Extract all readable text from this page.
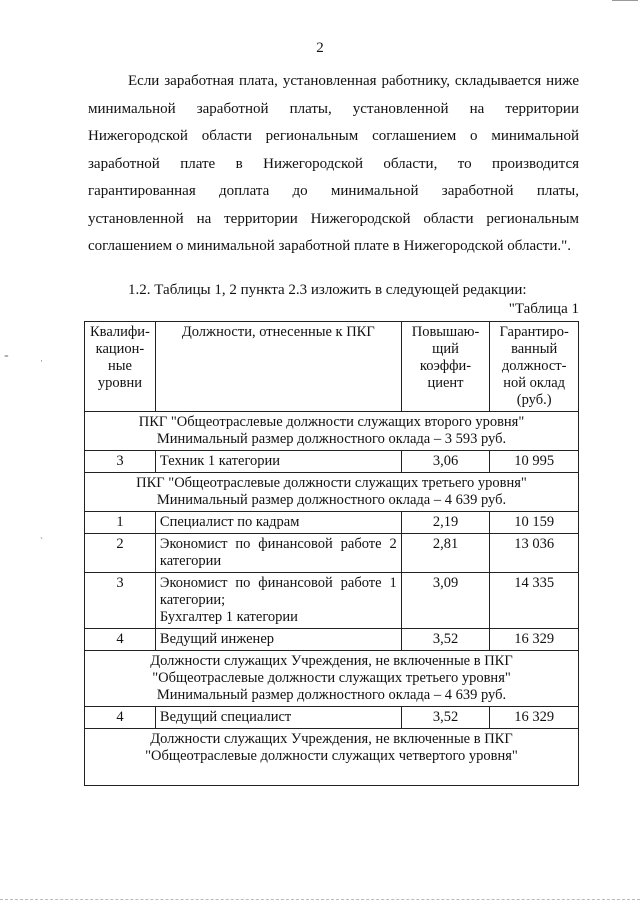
2
Если заработная плата, установленная работнику, складывается ниже минимальной заработной платы, установленной на территории Нижегородской области региональным соглашением о минимальной заработной плате в Нижегородской области, то производится гарантированная доплата до минимальной заработной платы, установленной на территории Нижегородской области региональным соглашением о минимальной заработной плате в Нижегородской области.".
1.2. Таблицы 1, 2 пункта 2.3 изложить в следующей редакции:
"Таблица 1
Квалифи-кацион-ные уровни	Должности, отнесенные к ПКГ	Повышаю-щий коэффи-циент	Гарантиро-ванный должност-ной оклад (руб.)

ПКГ "Общеотраслевые должности служащих второго уровня"
Минимальный размер должностного оклада – 3 593 руб.			

3	Техник 1 категории	3,06	10 995

ПКГ "Общеотраслевые должности служащих третьего уровня"
Минимальный размер должностного оклада – 4 639 руб.			

1	Специалист по кадрам	2,19	10 159
2	Экономист по финансовой работе 2 категории	2,81	13 036
3	Экономист по финансовой работе 1 категории;
Бухгалтер 1 категории	3,09	14 335
4	Ведущий инженер	3,52	16 329

Должности служащих Учреждения, не включенные в ПКГ
"Общеотраслевые должности служащих третьего уровня"
Минимальный размер должностного оклада – 4 639 руб.			

4	Ведущий специалист	3,52	16 329

Должности служащих Учреждения, не включенные в ПКГ
"Общеотраслевые должности служащих четвертого уровня"			
⁼	·
`
